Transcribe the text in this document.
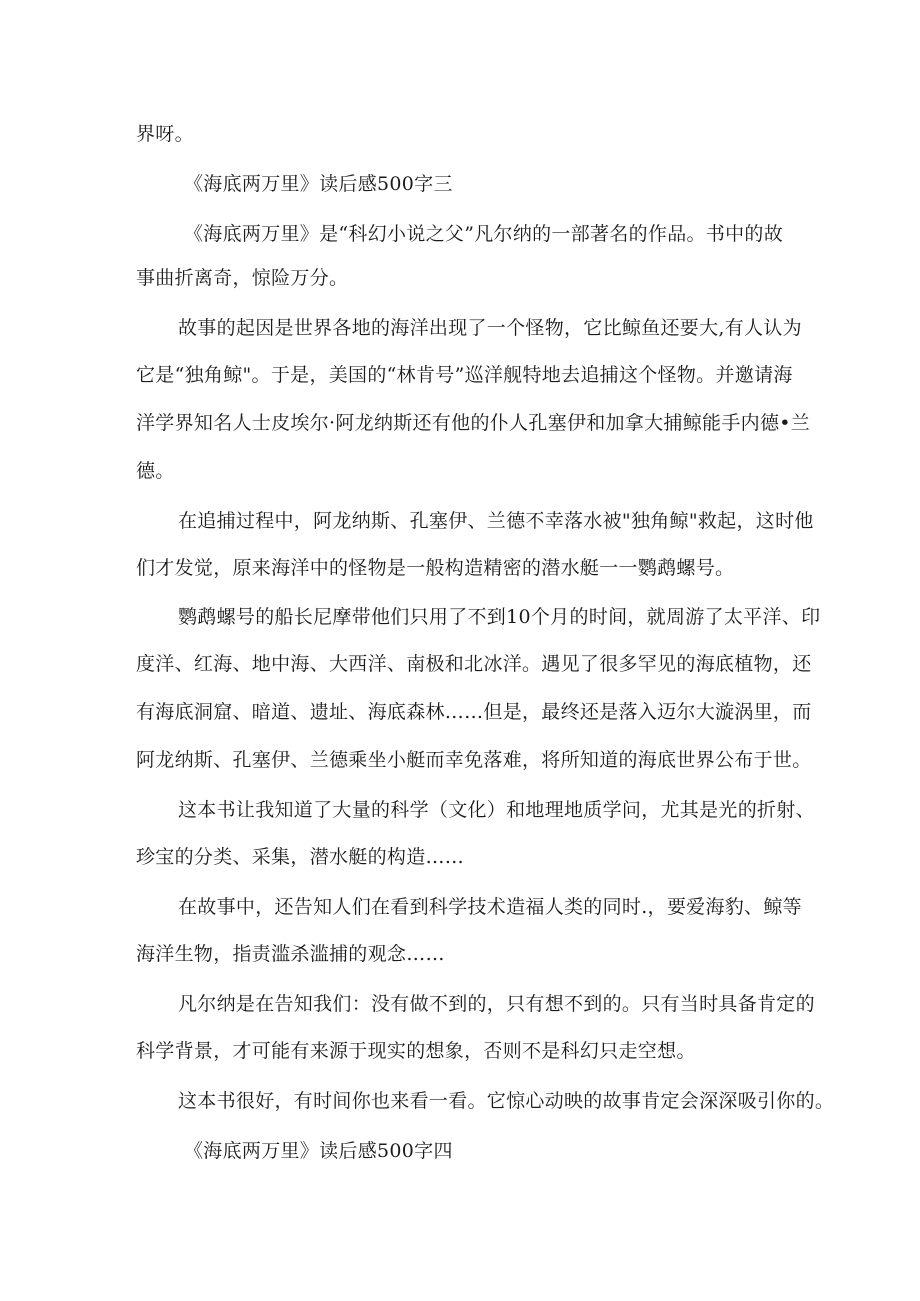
界呀。
《海底两万里》读后感500字三
《海底两万里》是“科幻小说之父”凡尔纳的一部著名的作品。书中的故
事曲折离奇，惊险万分。
故事的起因是世界各地的海洋出现了一个怪物，它比鲸鱼还要大,有人认为
它是“独角鲸"。于是，美国的“林肯号”巡洋舰特地去追捕这个怪物。并邀请海
洋学界知名人士皮埃尔·阿龙纳斯还有他的仆人孔塞伊和加拿大捕鲸能手内德•兰
德。
在追捕过程中，阿龙纳斯、孔塞伊、兰德不幸落水被"独角鲸"救起，这时他
们才发觉，原来海洋中的怪物是一般构造精密的潜水艇一一鹦鹉螺号。
鹦鹉螺号的船长尼摩带他们只用了不到10个月的时间，就周游了太平洋、印
度洋、红海、地中海、大西洋、南极和北冰洋。遇见了很多罕见的海底植物，还
有海底洞窟、暗道、遗址、海底森林……但是，最终还是落入迈尔大漩涡里，而
阿龙纳斯、孔塞伊、兰德乘坐小艇而幸免落难，将所知道的海底世界公布于世。
这本书让我知道了大量的科学（文化）和地理地质学问，尤其是光的折射、
珍宝的分类、采集，潜水艇的构造……
在故事中，还告知人们在看到科学技术造福人类的同时.，要爱海豹、鲸等
海洋生物，指责滥杀滥捕的观念……
凡尔纳是在告知我们：没有做不到的，只有想不到的。只有当时具备肯定的
科学背景，才可能有来源于现实的想象，否则不是科幻只走空想。
这本书很好，有时间你也来看一看。它惊心动映的故事肯定会深深吸引你的。
《海底两万里》读后感500字四
